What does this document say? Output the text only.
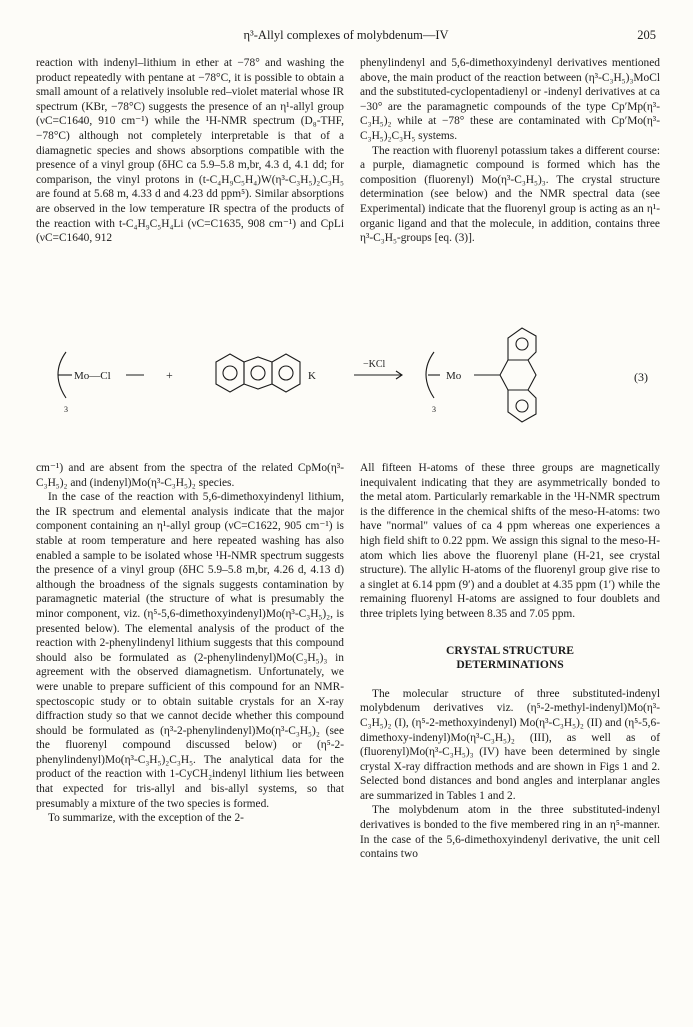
η³-Allyl complexes of molybdenum—IV	205

reaction with indenyl–lithium in ether at −78° and washing the product repeatedly with pentane at −78°C, it is possible to obtain a small amount of a relatively insoluble red–violet material whose IR spectrum (KBr, −78°C) suggests the presence of an η¹-allyl group (νC=C1640, 910 cm⁻¹) while the ¹H-NMR spectrum (D₈-THF, −78°C) although not completely interpretable is that of a diamagnetic species and shows absorptions compatible with the presence of a vinyl group (δHC ca 5.9–5.8 m,br, 4.3 d, 4.1 dd; for comparison, the vinyl protons in (t-C₄H₉C₅H₄)W(η³-C₃H₅)₂C₃H₅ are found at 5.68 m, 4.33 d and 4.23 dd ppm⁵). Similar absorptions are observed in the low temperature IR spectra of the products of the reaction with t-C₄H₉C₅H₄Li (νC=C1635, 908 cm⁻¹) and CpLi (νC=C1640, 912

phenylindenyl and 5,6-dimethoxyindenyl derivatives mentioned above, the main product of the reaction between (η³-C₃H₅)₃MoCl and the substituted-cyclopentadienyl or -indenyl derivatives at ca −30° are the paramagnetic compounds of the type Cp′Mp(η³-C₃H₅)₂ while at −78° these are contaminated with Cp′Mo(η³-C₃H₅)₂C₃H₅ systems.

The reaction with fluorenyl potassium takes a different course: a purple, diamagnetic compound is formed which has the composition (fluorenyl) Mo(η³-C₃H₅)₃. The crystal structure determination (see below) and the NMR spectral data (see Experimental) indicate that the fluorenyl group is acting as an η¹-organic ligand and that the molecule, in addition, contains three η³-C₃H₅-groups [eq. (3)].

Mo—Cl
3
+	K
−KCl
Mo
3
(3)

cm⁻¹) and are absent from the spectra of the related CpMo(η³-C₃H₅)₂ and (indenyl)Mo(η³-C₃H₅)₂ species.

In the case of the reaction with 5,6-dimethoxyindenyl lithium, the IR spectrum and elemental analysis indicate that the major component containing an η¹-allyl group (νC=C1622, 905 cm⁻¹) is stable at room temperature and here repeated washing has also enabled a sample to be isolated whose ¹H-NMR spectrum suggests the presence of a vinyl group (δHC 5.9–5.8 m,br, 4.26 d, 4.13 d) although the broadness of the signals suggests contamination by paramagnetic material (the structure of what is presumably the minor component, viz. (η⁵-5,6-dimethoxyindenyl)Mo(η³-C₃H₅)₂, is presented below). The elemental analysis of the product of the reaction with 2-phenylindenyl lithium suggests that this compound should also be formulated as (2-phenylindenyl)Mo(C₃H₅)₃ in agreement with the observed diamagnetism. Unfortunately, we were unable to prepare sufficient of this compound for an NMR-spectoscopic study or to obtain suitable crystals for an X-ray diffraction study so that we cannot decide whether this compound should be formulated as (η³-2-phenylindenyl)Mo(η³-C₃H₅)₂ (see the fluorenyl compound discussed below) or (η⁵-2-phenylindenyl)Mo(η³-C₃H₅)₂C₃H₅. The analytical data for the product of the reaction with 1-CyCH₂indenyl lithium lies between that expected for tris-allyl and bis-allyl systems, so that presumably a mixture of the two species is formed.

To summarize, with the exception of the 2-

All fifteen H-atoms of these three groups are magnetically inequivalent indicating that they are asymmetrically bonded to the metal atom. Particularly remarkable in the ¹H-NMR spectrum is the difference in the chemical shifts of the meso-H-atoms: two have "normal" values of ca 4 ppm whereas one experiences a high field shift to 0.22 ppm. We assign this signal to the meso-H-atom which lies above the fluorenyl plane (H-21, see crystal structure). The allylic H-atoms of the fluorenyl group give rise to a singlet at 6.14 ppm (9′) and a doublet at 4.35 ppm (1′) while the remaining fluorenyl H-atoms are assigned to four doublets and three triplets lying between 8.35 and 7.05 ppm.

CRYSTAL STRUCTURE
DETERMINATIONS

The molecular structure of three substituted-indenyl molybdenum derivatives viz. (η⁵-2-methyl-indenyl)Mo(η³-C₃H₅)₂ (I), (η⁵-2-methoxyindenyl) Mo(η³-C₃H₅)₂ (II) and (η⁵-5,6-dimethoxy-indenyl)Mo(η³-C₃H₅)₂ (III), as well as of (fluorenyl)Mo(η³-C₃H₅)₃ (IV) have been determined by single crystal X-ray diffraction methods and are shown in Figs 1 and 2. Selected bond distances and bond angles and interplanar angles are summarized in Tables 1 and 2.

The molybdenum atom in the three substituted-indenyl derivatives is bonded to the five membered ring in an η⁵-manner. In the case of the 5,6-dimethoxyindenyl derivative, the unit cell contains two
